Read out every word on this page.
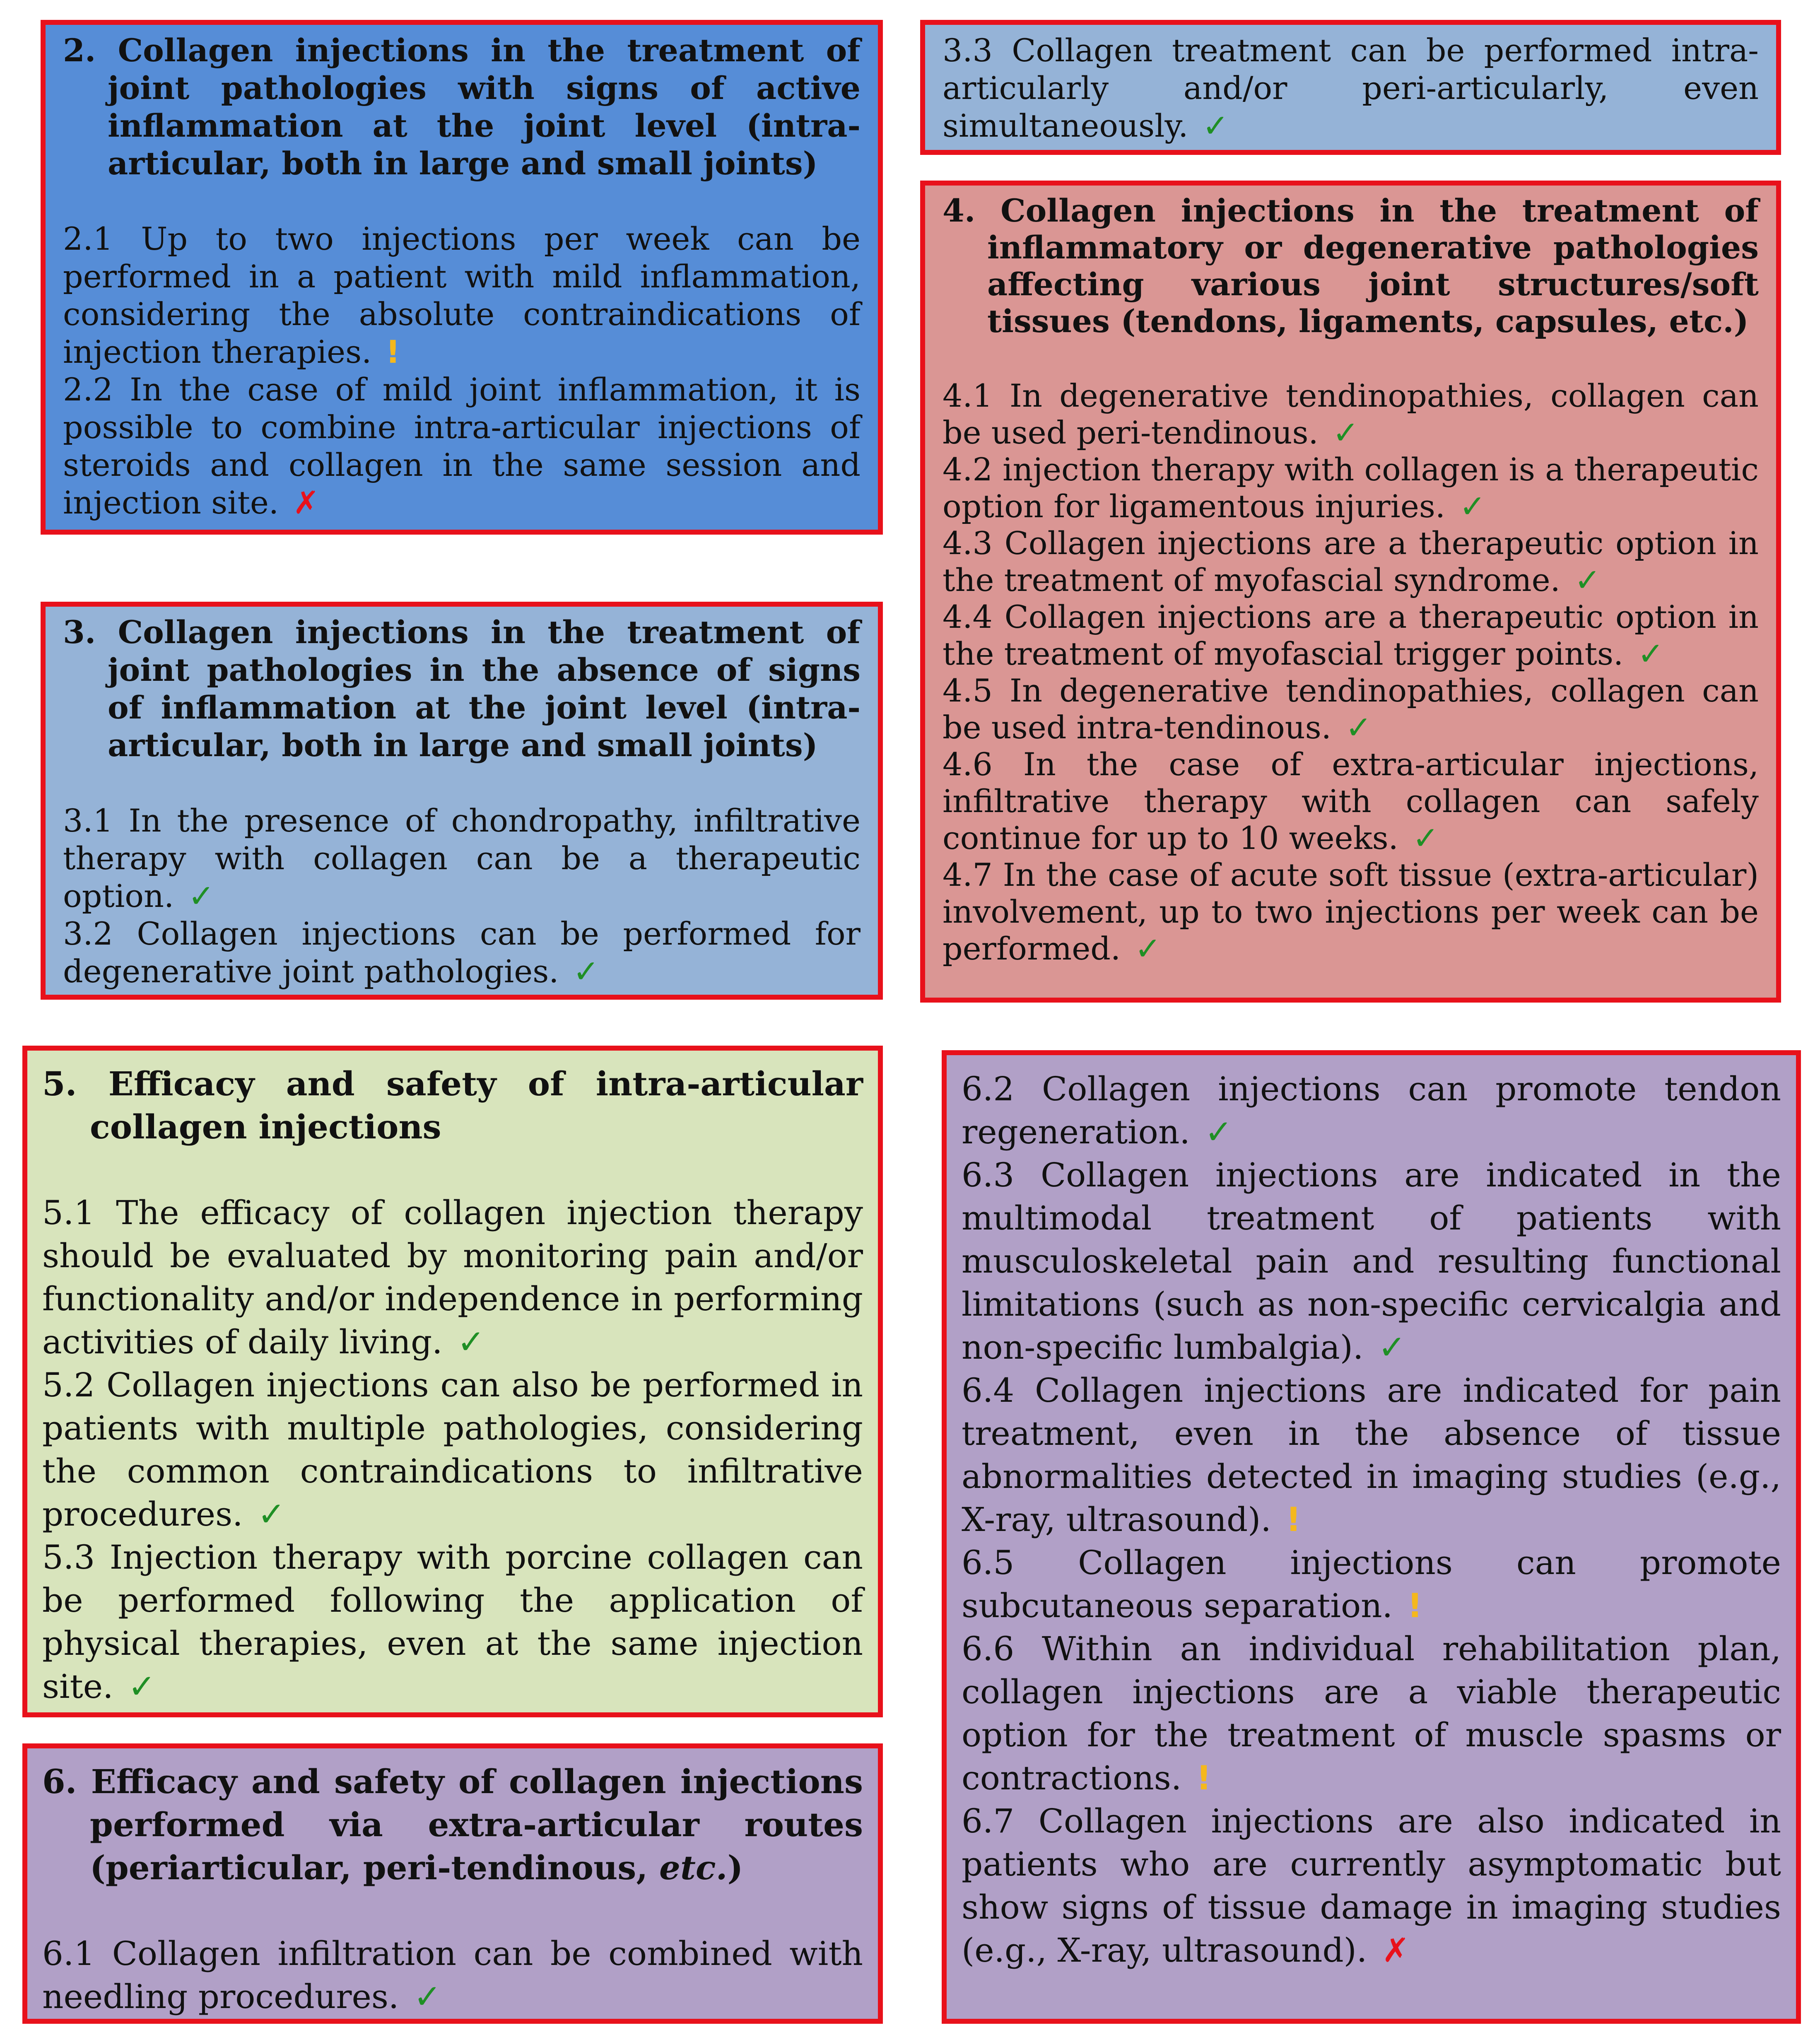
2. Collagen injections in the treatment of joint pathologies with signs of active inflammation at the joint level (intra-articular, both in large and small joints)

2.1 Up to two injections per week can be performed in a patient with mild inflammation, considering the absolute contraindications of injection therapies. !

2.2 In the case of mild joint inflammation, it is possible to combine intra-articular injections of steroids and collagen in the same session and injection site. ✗

3. Collagen injections in the treatment of joint pathologies in the absence of signs of inflammation at the joint level (intra-articular, both in large and small joints)

3.1 In the presence of chondropathy, infiltrative therapy with collagen can be a therapeutic option. ✓

3.2 Collagen injections can be performed for degenerative joint pathologies. ✓

3.3 Collagen treatment can be performed intra-articularly and/or peri-articularly, even simultaneously. ✓

4. Collagen injections in the treatment of inflammatory or degenerative pathologies affecting various joint structures/soft tissues (tendons, ligaments, capsules, etc.)

4.1 In degenerative tendinopathies, collagen can be used peri-tendinous. ✓

4.2 injection therapy with collagen is a therapeutic option for ligamentous injuries. ✓

4.3 Collagen injections are a therapeutic option in the treatment of myofascial syndrome. ✓

4.4 Collagen injections are a therapeutic option in the treatment of myofascial trigger points. ✓

4.5 In degenerative tendinopathies, collagen can be used intra-tendinous. ✓

4.6 In the case of extra-articular injections, infiltrative therapy with collagen can safely continue for up to 10 weeks. ✓

4.7 In the case of acute soft tissue (extra-articular) involvement, up to two injections per week can be performed. ✓

5. Efficacy and safety of intra-articular collagen injections

5.1 The efficacy of collagen injection therapy should be evaluated by monitoring pain and/or functionality and/or independence in performing activities of daily living. ✓

5.2 Collagen injections can also be performed in patients with multiple pathologies, considering the common contraindications to infiltrative procedures. ✓

5.3 Injection therapy with porcine collagen can be performed following the application of physical therapies, even at the same injection site. ✓

6. Efficacy and safety of collagen injections performed via extra-articular routes (periarticular, peri-tendinous, etc.)

6.1 Collagen infiltration can be combined with needling procedures. ✓

6.2 Collagen injections can promote tendon regeneration. ✓

6.3 Collagen injections are indicated in the multimodal treatment of patients with musculoskeletal pain and resulting functional limitations (such as non-specific cervicalgia and non-specific lumbalgia). ✓

6.4 Collagen injections are indicated for pain treatment, even in the absence of tissue abnormalities detected in imaging studies (e.g., X-ray, ultrasound). !

6.5 Collagen injections can promote subcutaneous separation. !

6.6 Within an individual rehabilitation plan, collagen injections are a viable therapeutic option for the treatment of muscle spasms or contractions. !

6.7 Collagen injections are also indicated in patients who are currently asymptomatic but show signs of tissue damage in imaging studies (e.g., X-ray, ultrasound). ✗
